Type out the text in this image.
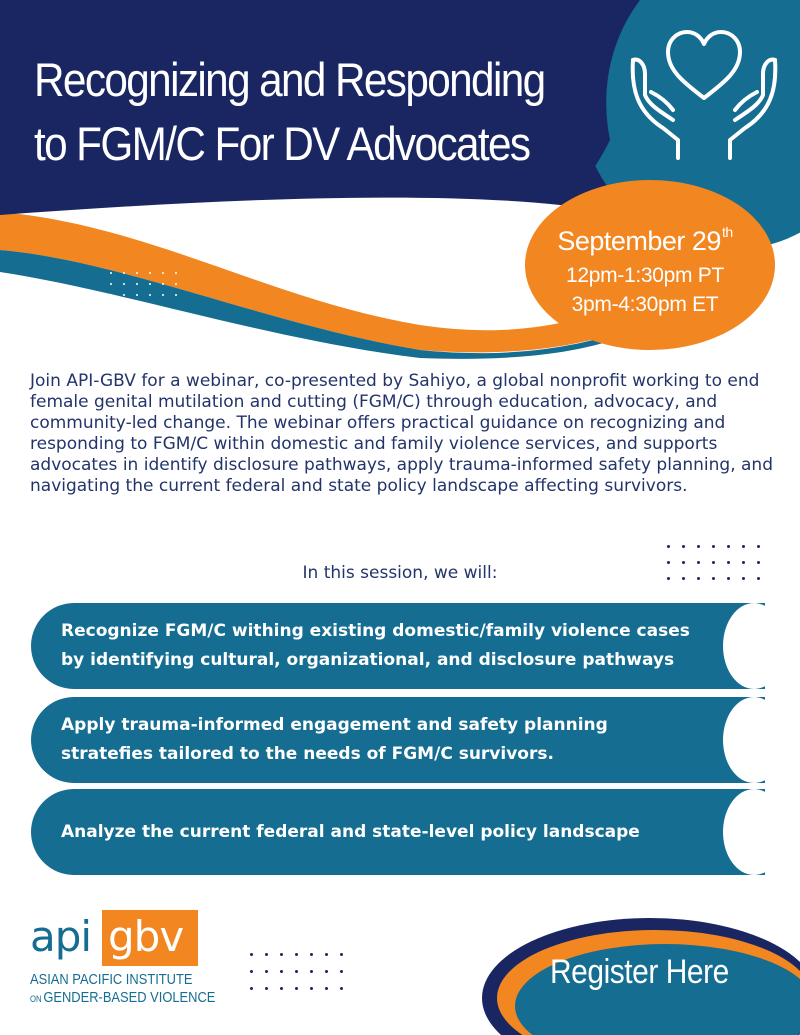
Recognizing and Responding
to FGM/C For DV Advocates
September 29th
12pm-1:30pm PT
3pm-4:30pm ET

Join API-GBV for a webinar, co-presented by Sahiyo, a global nonprofit working to end female genital mutilation and cutting (FGM/C) through education, advocacy, and community-led change. The webinar offers practical guidance on recognizing and responding to FGM/C within domestic and family violence services, and supports advocates in identify disclosure pathways, apply trauma-informed safety planning, and navigating the current federal and state policy landscape affecting survivors.

In this session, we will:

Recognize FGM/C withing existing domestic/family violence cases
by identifying cultural, organizational, and disclosure pathways
Apply trauma-informed engagement and safety planning
stratefies tailored to the needs of FGM/C survivors.
Analyze the current federal and state-level policy landscape
api gbv
ASIAN PACIFIC INSTITUTE
ON GENDER-BASED VIOLENCE
Register Here
